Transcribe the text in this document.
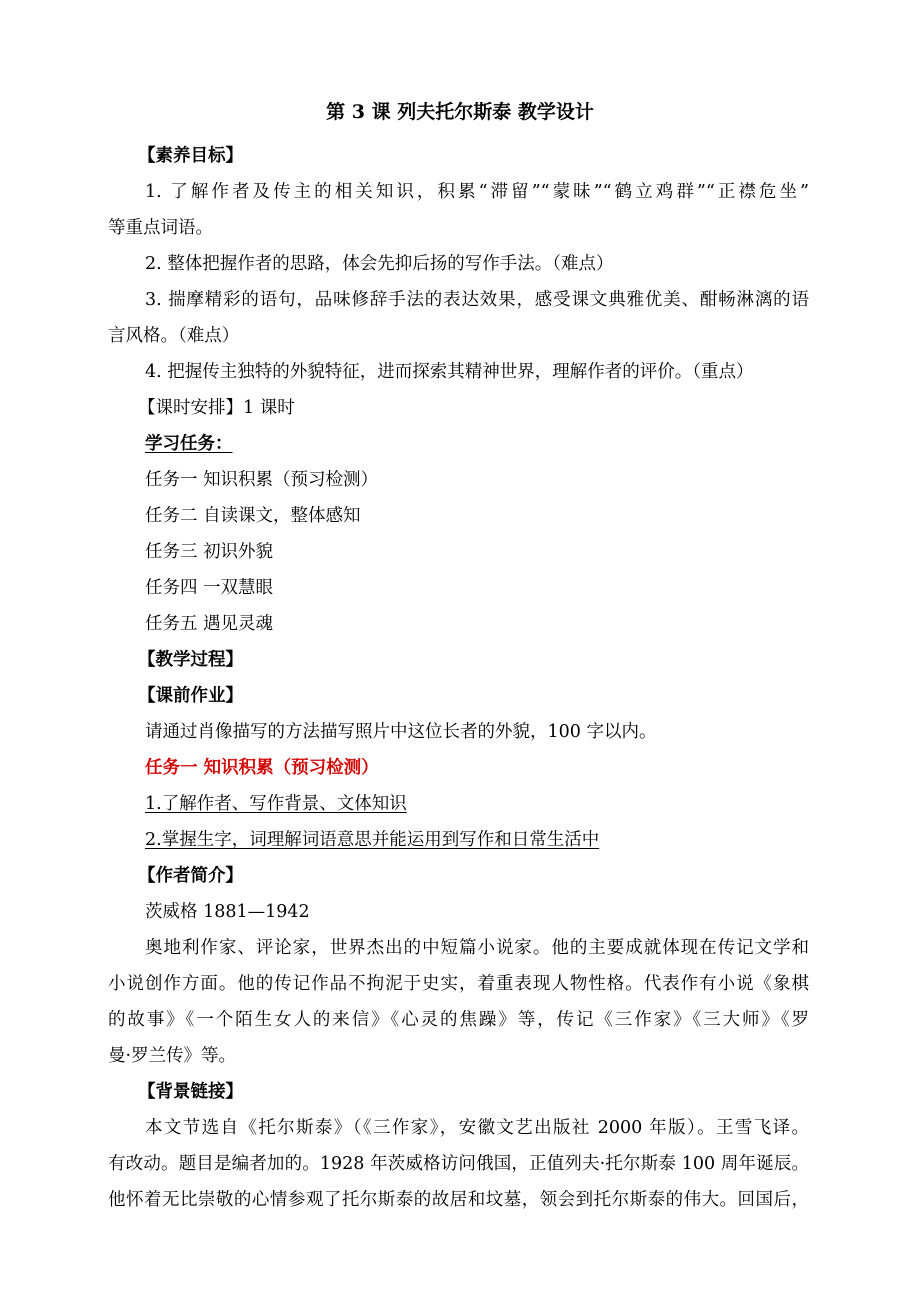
第 3 课 列夫托尔斯泰 教学设计
【素养目标】
1. 了解作者及传主的相关知识，积累“滞留”“蒙昧”“鹤立鸡群”“正襟危坐”
等重点词语。
2. 整体把握作者的思路，体会先抑后扬的写作手法。（难点）
3. 揣摩精彩的语句，品味修辞手法的表达效果，感受课文典雅优美、酣畅淋漓的语
言风格。（难点）
4. 把握传主独特的外貌特征，进而探索其精神世界，理解作者的评价。（重点）
【课时安排】1 课时
学习任务：
任务一 知识积累（预习检测）
任务二 自读课文，整体感知
任务三 初识外貌
任务四 一双慧眼
任务五 遇见灵魂
【教学过程】
【课前作业】
请通过肖像描写的方法描写照片中这位长者的外貌，100 字以内。
任务一 知识积累（预习检测）
1.了解作者、写作背景、文体知识
2.掌握生字，词理解词语意思并能运用到写作和日常生活中
【作者简介】
茨威格 1881—1942
奥地利作家、评论家，世界杰出的中短篇小说家。他的主要成就体现在传记文学和
小说创作方面。他的传记作品不拘泥于史实，着重表现人物性格。代表作有小说《象棋
的故事》《一个陌生女人的来信》《心灵的焦躁》等，传记《三作家》《三大师》《罗
曼·罗兰传》等。
【背景链接】
本文节选自《托尔斯泰》（《三作家》，安徽文艺出版社 2000 年版）。王雪飞译。
有改动。题目是编者加的。1928 年茨威格访问俄国，正值列夫·托尔斯泰 100 周年诞辰。
他怀着无比崇敬的心情参观了托尔斯泰的故居和坟墓，领会到托尔斯泰的伟大。回国后，
